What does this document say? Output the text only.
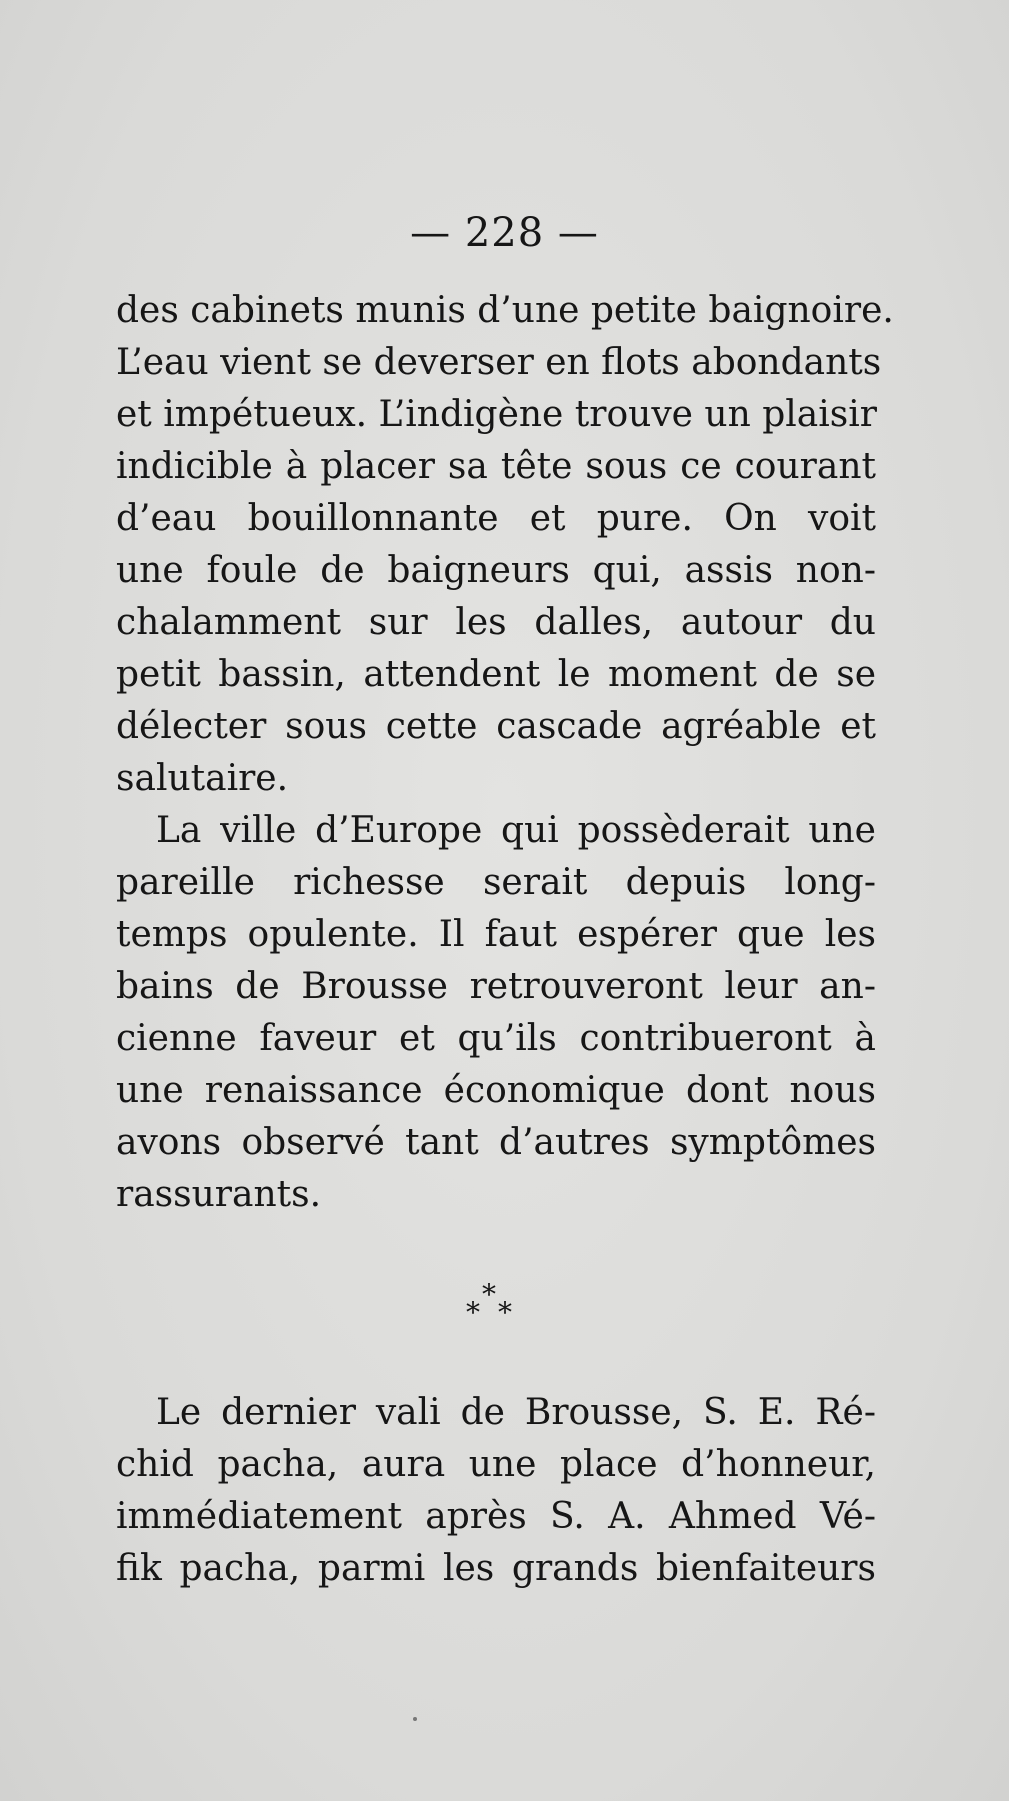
— 228 —
des cabinets munis d’une petite baignoire.
L’eau vient se deverser en flots abondants
et impétueux. L’indigène trouve un plaisir
indicible à placer sa tête sous ce courant
d’eau bouillonnante et pure. On voit
une foule de baigneurs qui, assis non-
chalamment sur les dalles, autour du
petit bassin, attendent le moment de se
délecter sous cette cascade agréable et
salutaire.
La ville d’Europe qui possèderait une
pareille richesse serait depuis long-
temps opulente. Il faut espérer que les
bains de Brousse retrouveront leur an-
cienne faveur et qu’ils contribueront à
une renaissance économique dont nous
avons observé tant d’autres symptômes
rassurants.
*
* *
Le dernier vali de Brousse, S. E. Ré-
chid pacha, aura une place d’honneur,
immédiatement après S. A. Ahmed Vé-
fik pacha, parmi les grands bienfaiteurs
